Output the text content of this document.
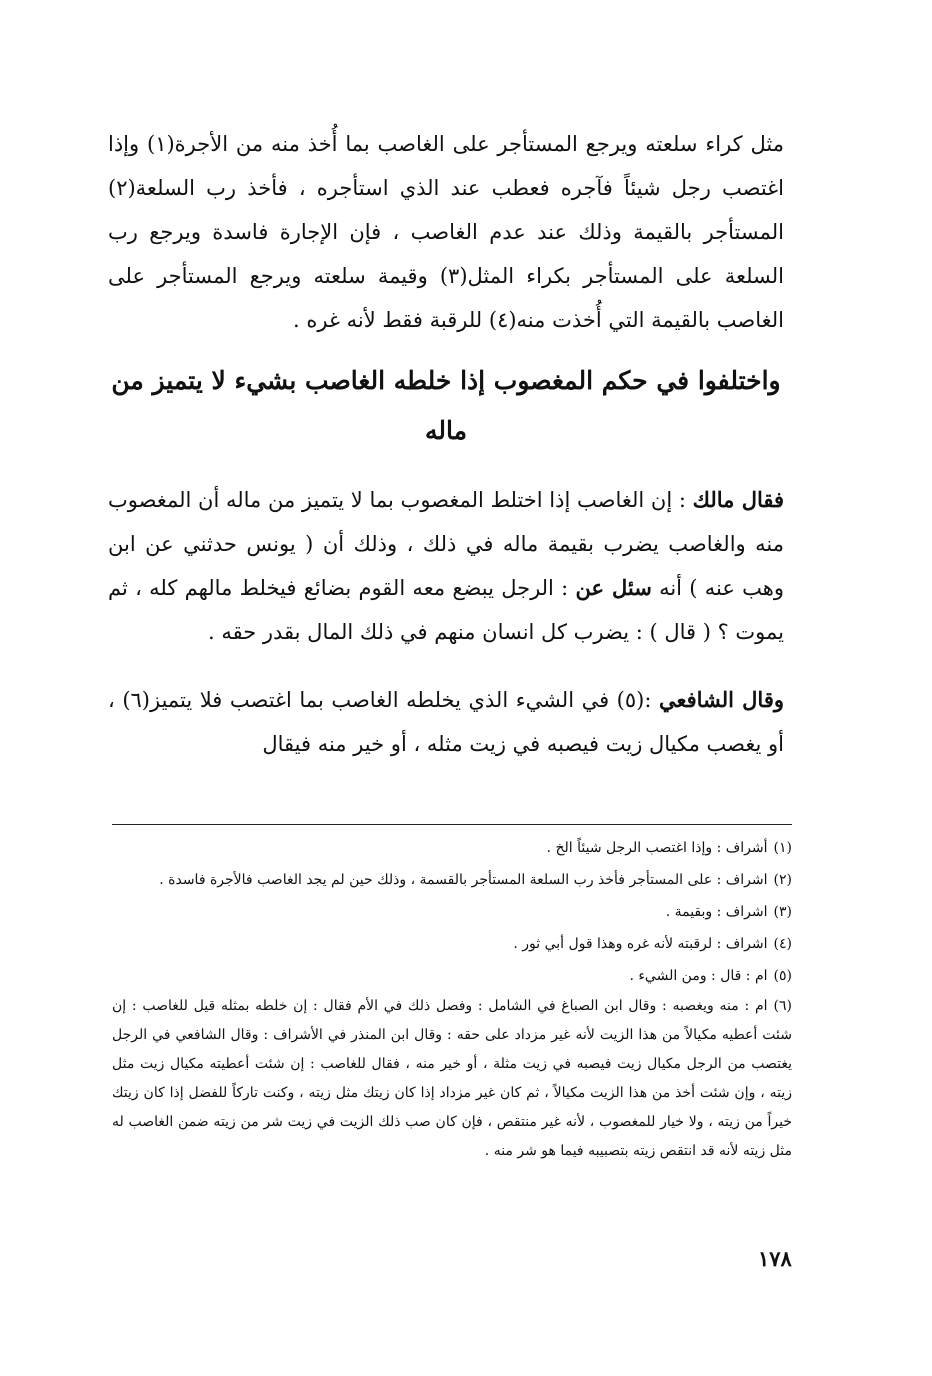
مثل كراء سلعته ويرجع المستأجر على الغاصب بما أُخذ منه من الأجرة(١) وإذا اغتصب رجل شيئاً فآجره فعطب عند الذي استأجره ، فأخذ رب السلعة(٢) المستأجر بالقيمة وذلك عند عدم الغاصب ، فإن الإجارة فاسدة ويرجع رب السلعة على المستأجر بكراء المثل(٣) وقيمة سلعته ويرجع المستأجر على الغاصب بالقيمة التي أُخذت منه(٤) للرقبة فقط لأنه غره .

واختلفوا في حكم المغصوب إذا خلطه الغاصب بشيء لا يتميز من ماله

فقال مالك : إن الغاصب إذا اختلط المغصوب بما لا يتميز من ماله أن المغصوب منه والغاصب يضرب بقيمة ماله في ذلك ، وذلك أن ( يونس حدثني عن ابن وهب عنه ) أنه سئل عن : الرجل يبضع معه القوم بضائع فيخلط مالهم كله ، ثم يموت ؟ ( قال ) : يضرب كل انسان منهم في ذلك المال بقدر حقه .

وقال الشافعي :(٥) في الشيء الذي يخلطه الغاصب بما اغتصب فلا يتميز(٦) ، أو يغصب مكيال زيت فيصبه في زيت مثله ، أو خير منه فيقال

(١)أشراف : وإذا اغتصب الرجل شيئاً الخ .
(٢)اشراف : على المستأجر فأخذ رب السلعة المستأجر بالقسمة ، وذلك حين لم يجد الغاصب فالأجرة فاسدة .
(٣)اشراف : وبقيمة .
(٤)اشراف : لرقبته لأنه غره وهذا قول أبي ثور .
(٥)ام : قال : ومن الشيء .
(٦)ام : منه ويغصبه : وقال ابن الصباغ في الشامل : وفصل ذلك في الأم فقال : إن خلطه بمثله قيل للغاصب : إن شئت أعطيه مكيالاً من هذا الزيت لأنه غير مزداد على حقه : وقال ابن المنذر في الأشراف : وقال الشافعي في الرجل يغتصب من الرجل مكيال زيت فيصبه في زيت مثلة ، أو خير منه ، فقال للغاصب : إن شئت أعطيته مكيال زيت مثل زيته ، وإن شئت أخذ من هذا الزيت مكيالاً ، ثم كان غير مزداد إذا كان زيتك مثل زيته ، وكنت تاركاً للفضل إذا كان زيتك خيراً من زيته ، ولا خيار للمغصوب ، لأنه غير منتقص ، فإن كان صب ذلك الزيت في زيت شر من زيته ضمن الغاصب له مثل زيته لأنه قد انتقص زيته بتصبيبه فيما هو شر منه .
١٧٨
